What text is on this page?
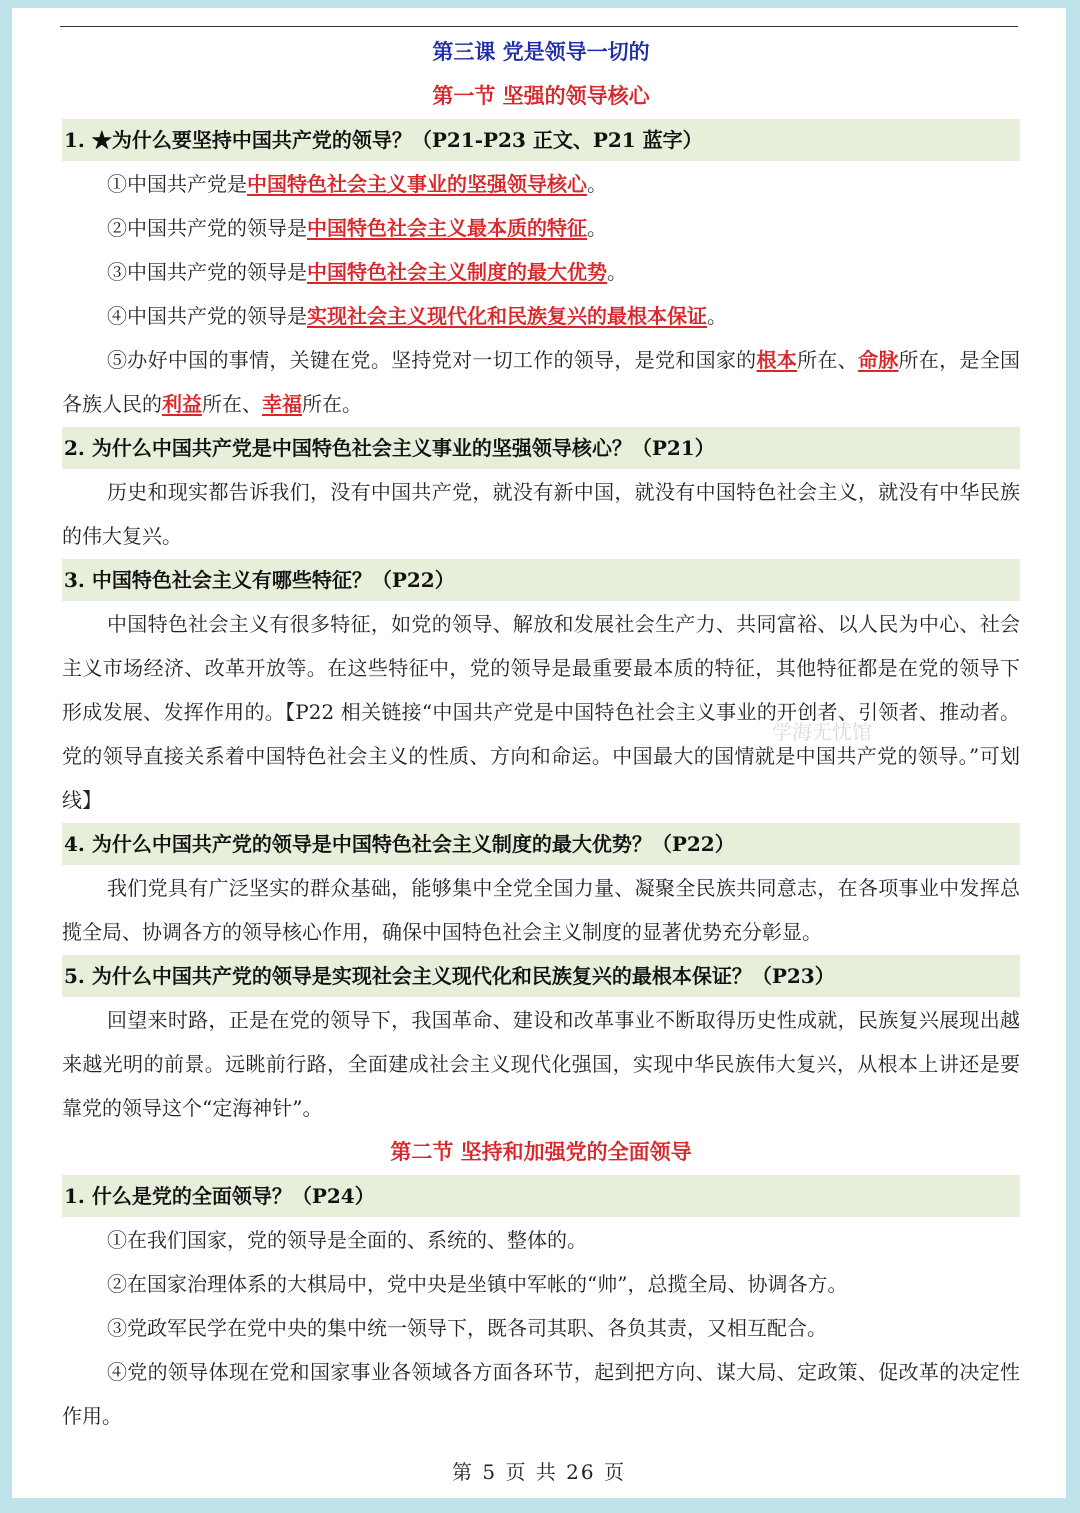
第三课 党是领导一切的
第一节 坚强的领导核心
1. ★为什么要坚持中国共产党的领导？（P21-P23 正文、P21 蓝字）
①中国共产党是中国特色社会主义事业的坚强领导核心。
②中国共产党的领导是中国特色社会主义最本质的特征。
③中国共产党的领导是中国特色社会主义制度的最大优势。
④中国共产党的领导是实现社会主义现代化和民族复兴的最根本保证。
⑤办好中国的事情，关键在党。坚持党对一切工作的领导，是党和国家的根本所在、命脉所在，是全国各族人民的利益所在、幸福所在。
2. 为什么中国共产党是中国特色社会主义事业的坚强领导核心？（P21）
历史和现实都告诉我们，没有中国共产党，就没有新中国，就没有中国特色社会主义，就没有中华民族的伟大复兴。
3. 中国特色社会主义有哪些特征？（P22）
中国特色社会主义有很多特征，如党的领导、解放和发展社会生产力、共同富裕、以人民为中心、社会主义市场经济、改革开放等。在这些特征中，党的领导是最重要最本质的特征，其他特征都是在党的领导下形成发展、发挥作用的。【P22 相关链接“中国共产党是中国特色社会主义事业的开创者、引领者、推动者。党的领导直接关系着中国特色社会主义的性质、方向和命运。中国最大的国情就是中国共产党的领导。”可划线】
4. 为什么中国共产党的领导是中国特色社会主义制度的最大优势？（P22）
我们党具有广泛坚实的群众基础，能够集中全党全国力量、凝聚全民族共同意志，在各项事业中发挥总揽全局、协调各方的领导核心作用，确保中国特色社会主义制度的显著优势充分彰显。
5. 为什么中国共产党的领导是实现社会主义现代化和民族复兴的最根本保证？（P23）
回望来时路，正是在党的领导下，我国革命、建设和改革事业不断取得历史性成就，民族复兴展现出越来越光明的前景。远眺前行路，全面建成社会主义现代化强国，实现中华民族伟大复兴，从根本上讲还是要靠党的领导这个“定海神针”。
第二节 坚持和加强党的全面领导
1. 什么是党的全面领导？（P24）
①在我们国家，党的领导是全面的、系统的、整体的。
②在国家治理体系的大棋局中，党中央是坐镇中军帐的“帅”，总揽全局、协调各方。
③党政军民学在党中央的集中统一领导下，既各司其职、各负其责，又相互配合。
④党的领导体现在党和国家事业各领域各方面各环节，起到把方向、谋大局、定政策、促改革的决定性作用。
学海无忧馆
第 5 页 共 26 页
